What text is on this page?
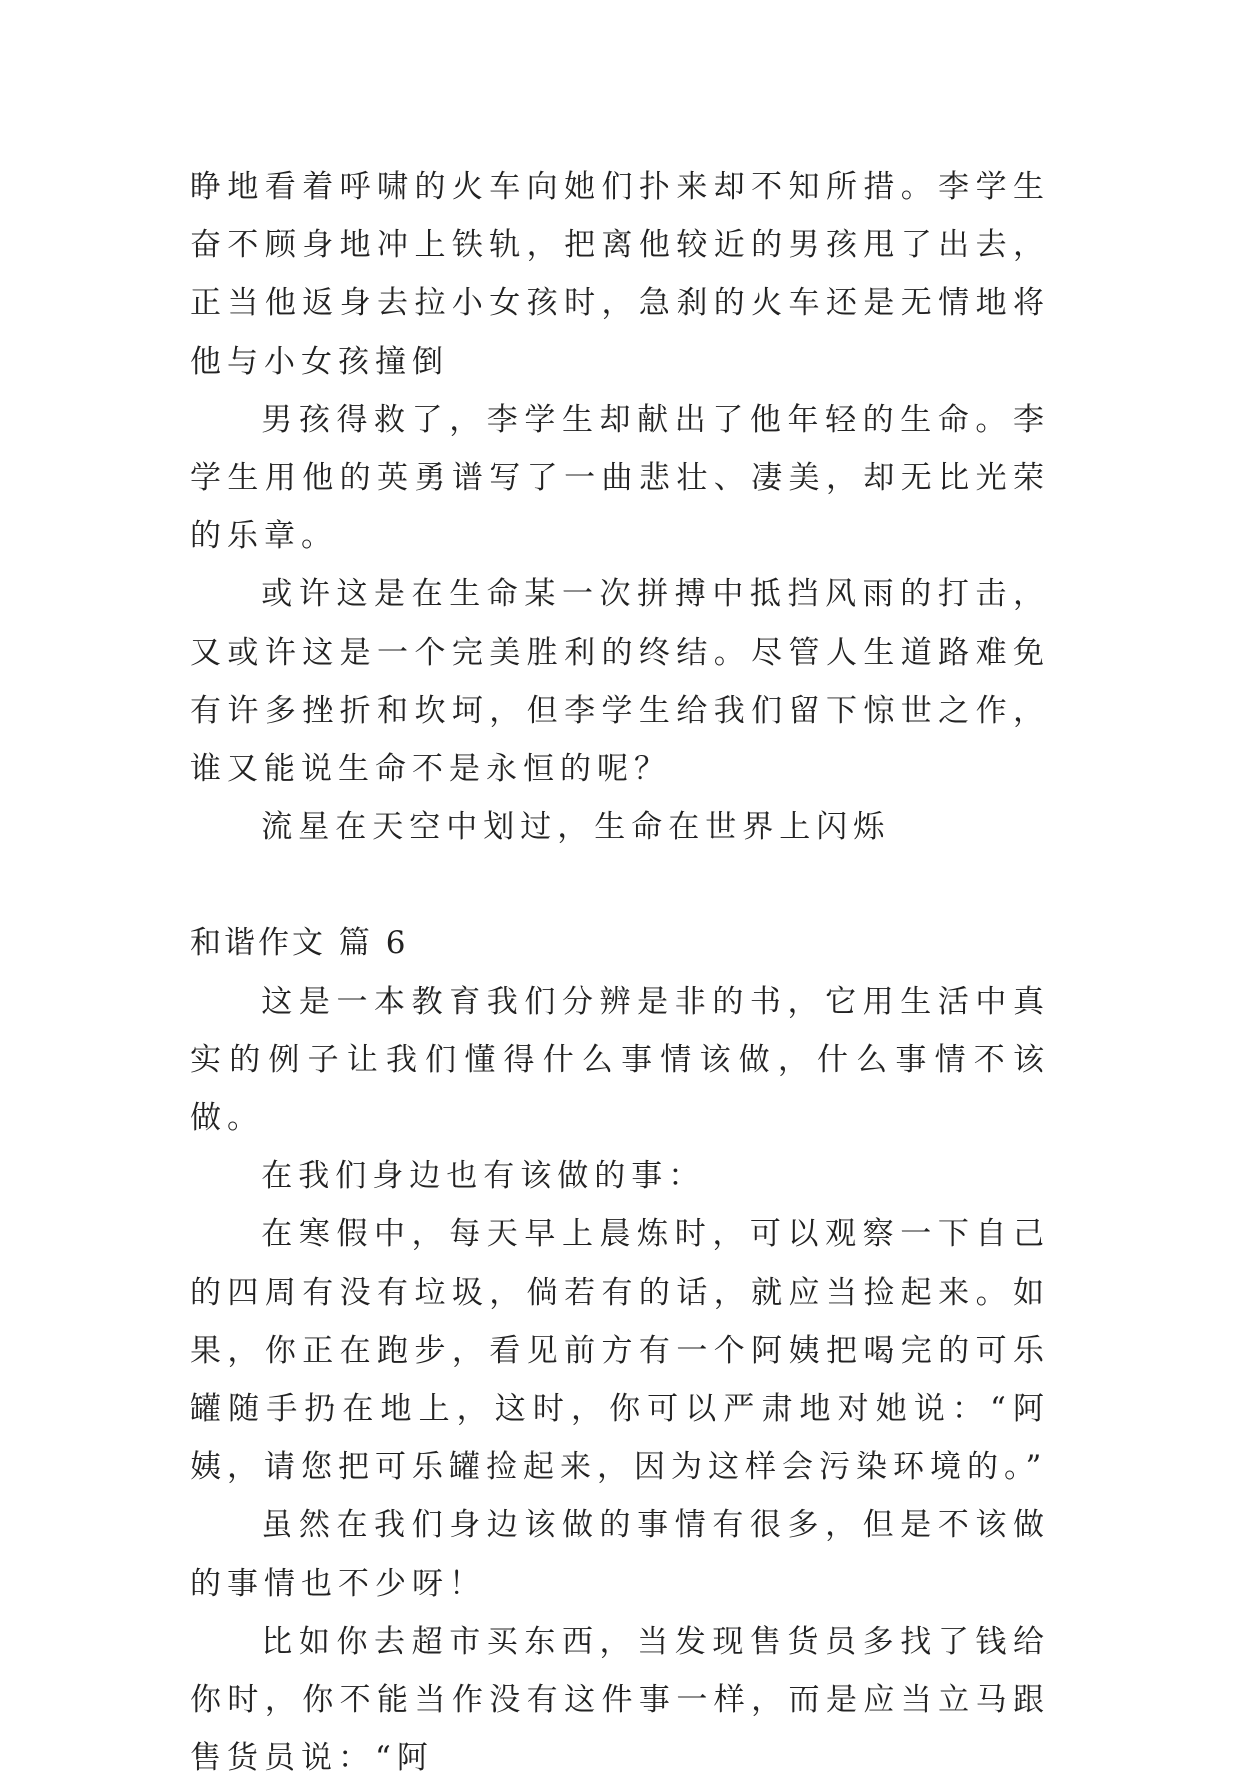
睁地看着呼啸的火车向她们扑来却不知所措。李学生奋不顾身地冲上铁轨，把离他较近的男孩甩了出去，正当他返身去拉小女孩时，急刹的火车还是无情地将他与小女孩撞倒

男孩得救了，李学生却献出了他年轻的生命。李学生用他的英勇谱写了一曲悲壮、凄美，却无比光荣的乐章。

或许这是在生命某一次拼搏中抵挡风雨的打击，又或许这是一个完美胜利的终结。尽管人生道路难免有许多挫折和坎坷，但李学生给我们留下惊世之作，谁又能说生命不是永恒的呢？

流星在天空中划过，生命在世界上闪烁

和谐作文 篇 6

这是一本教育我们分辨是非的书，它用生活中真实的例子让我们懂得什么事情该做，什么事情不该做。

在我们身边也有该做的事：

在寒假中，每天早上晨炼时，可以观察一下自己的四周有没有垃圾，倘若有的话，就应当捡起来。如果，你正在跑步，看见前方有一个阿姨把喝完的可乐罐随手扔在地上，这时，你可以严肃地对她说：“阿姨，请您把可乐罐捡起来，因为这样会污染环境的。”

虽然在我们身边该做的事情有很多，但是不该做的事情也不少呀！

比如你去超市买东西，当发现售货员多找了钱给你时，你不能当作没有这件事一样，而是应当立马跟售货员说：“阿
